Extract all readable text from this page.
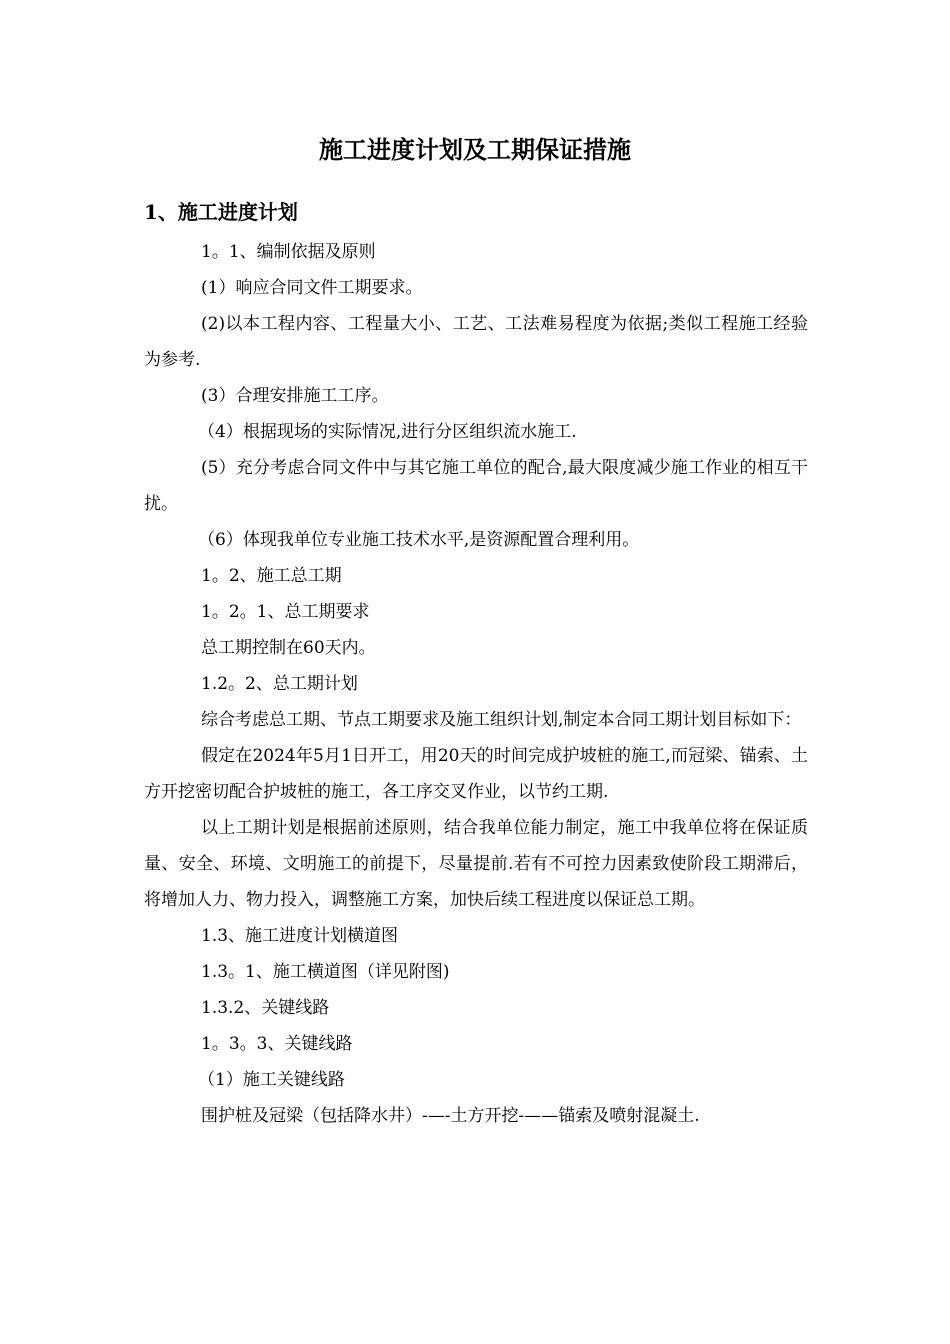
施工进度计划及工期保证措施
1、施工进度计划

1。1、编制依据及原则

(1）响应合同文件工期要求。

(2)以本工程内容、工程量大小、工艺、工法难易程度为依据;类似工程施工经验为参考.

(3）合理安排施工工序。

（4）根据现场的实际情况,进行分区组织流水施工.

(5）充分考虑合同文件中与其它施工单位的配合,最大限度减少施工作业的相互干扰。

（6）体现我单位专业施工技术水平,是资源配置合理利用。

1。2、施工总工期

1。2。1、总工期要求

总工期控制在60天内。

1.2。2、总工期计划

综合考虑总工期、节点工期要求及施工组织计划,制定本合同工期计划目标如下：

假定在2024年5月1日开工，用20天的时间完成护坡桩的施工,而冠梁、锚索、土方开挖密切配合护坡桩的施工，各工序交叉作业，以节约工期.

以上工期计划是根据前述原则，结合我单位能力制定，施工中我单位将在保证质量、安全、环境、文明施工的前提下，尽量提前.若有不可控力因素致使阶段工期滞后，将增加人力、物力投入，调整施工方案，加快后续工程进度以保证总工期。

1.3、施工进度计划横道图

1.3。1、施工横道图（详见附图)

1.3.2、关键线路

1。3。3、关键线路

（1）施工关键线路

围护桩及冠梁（包括降水井）-—-土方开挖-——锚索及喷射混凝土.
